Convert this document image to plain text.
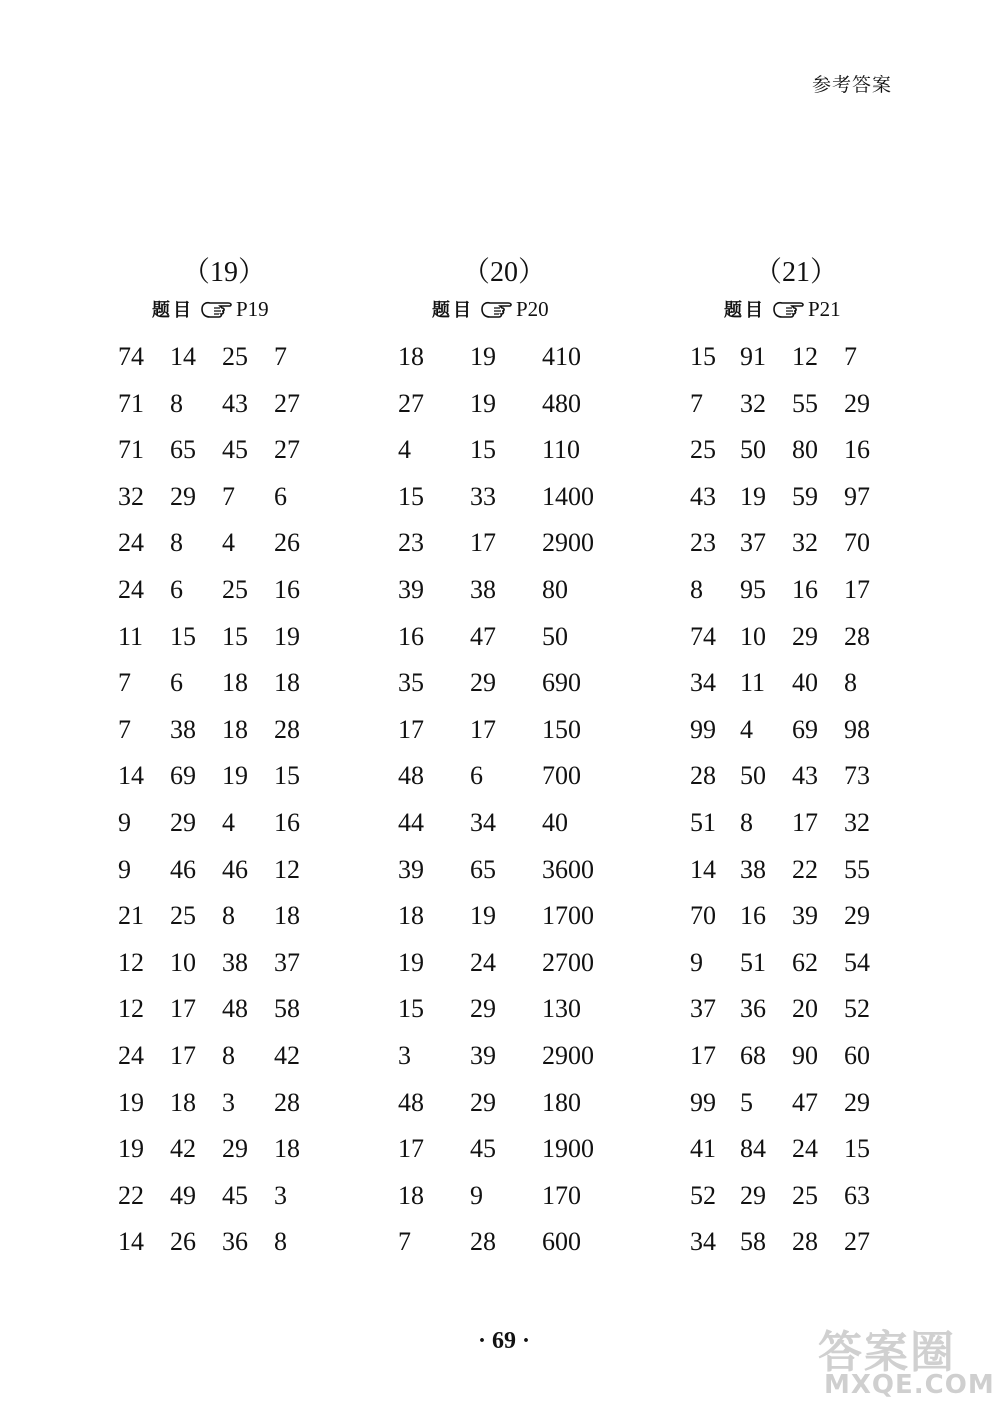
参考答案
（19）
题目 P19
74 14 25 7
71 8 43 27
71 65 45 27
32 29 7 6
24 8 4 26
24 6 25 16
11 15 15 19
7 6 18 18
7 38 18 28
14 69 19 15
9 29 4 16
9 46 46 12
21 25 8 18
12 10 38 37
12 17 48 58
24 17 8 42
19 18 3 28
19 42 29 18
22 49 45 3
14 26 36 8
（20）
题目 P20
18 19 410
27 19 480
4 15 110
15 33 1400
23 17 2900
39 38 80
16 47 50
35 29 690
17 17 150
48 6 700
44 34 40
39 65 3600
18 19 1700
19 24 2700
15 29 130
3 39 2900
48 29 180
17 45 1900
18 9 170
7 28 600
（21）
题目 P21
15 91 12 7
7 32 55 29
25 50 80 16
43 19 59 97
23 37 32 70
8 95 16 17
74 10 29 28
34 11 40 8
99 4 69 98
28 50 43 73
51 8 17 32
14 38 22 55
70 16 39 29
9 51 62 54
37 36 20 52
17 68 90 60
99 5 47 29
41 84 24 15
52 29 25 63
34 58 28 27
· 69 ·	答案圈
MXQE.COM
